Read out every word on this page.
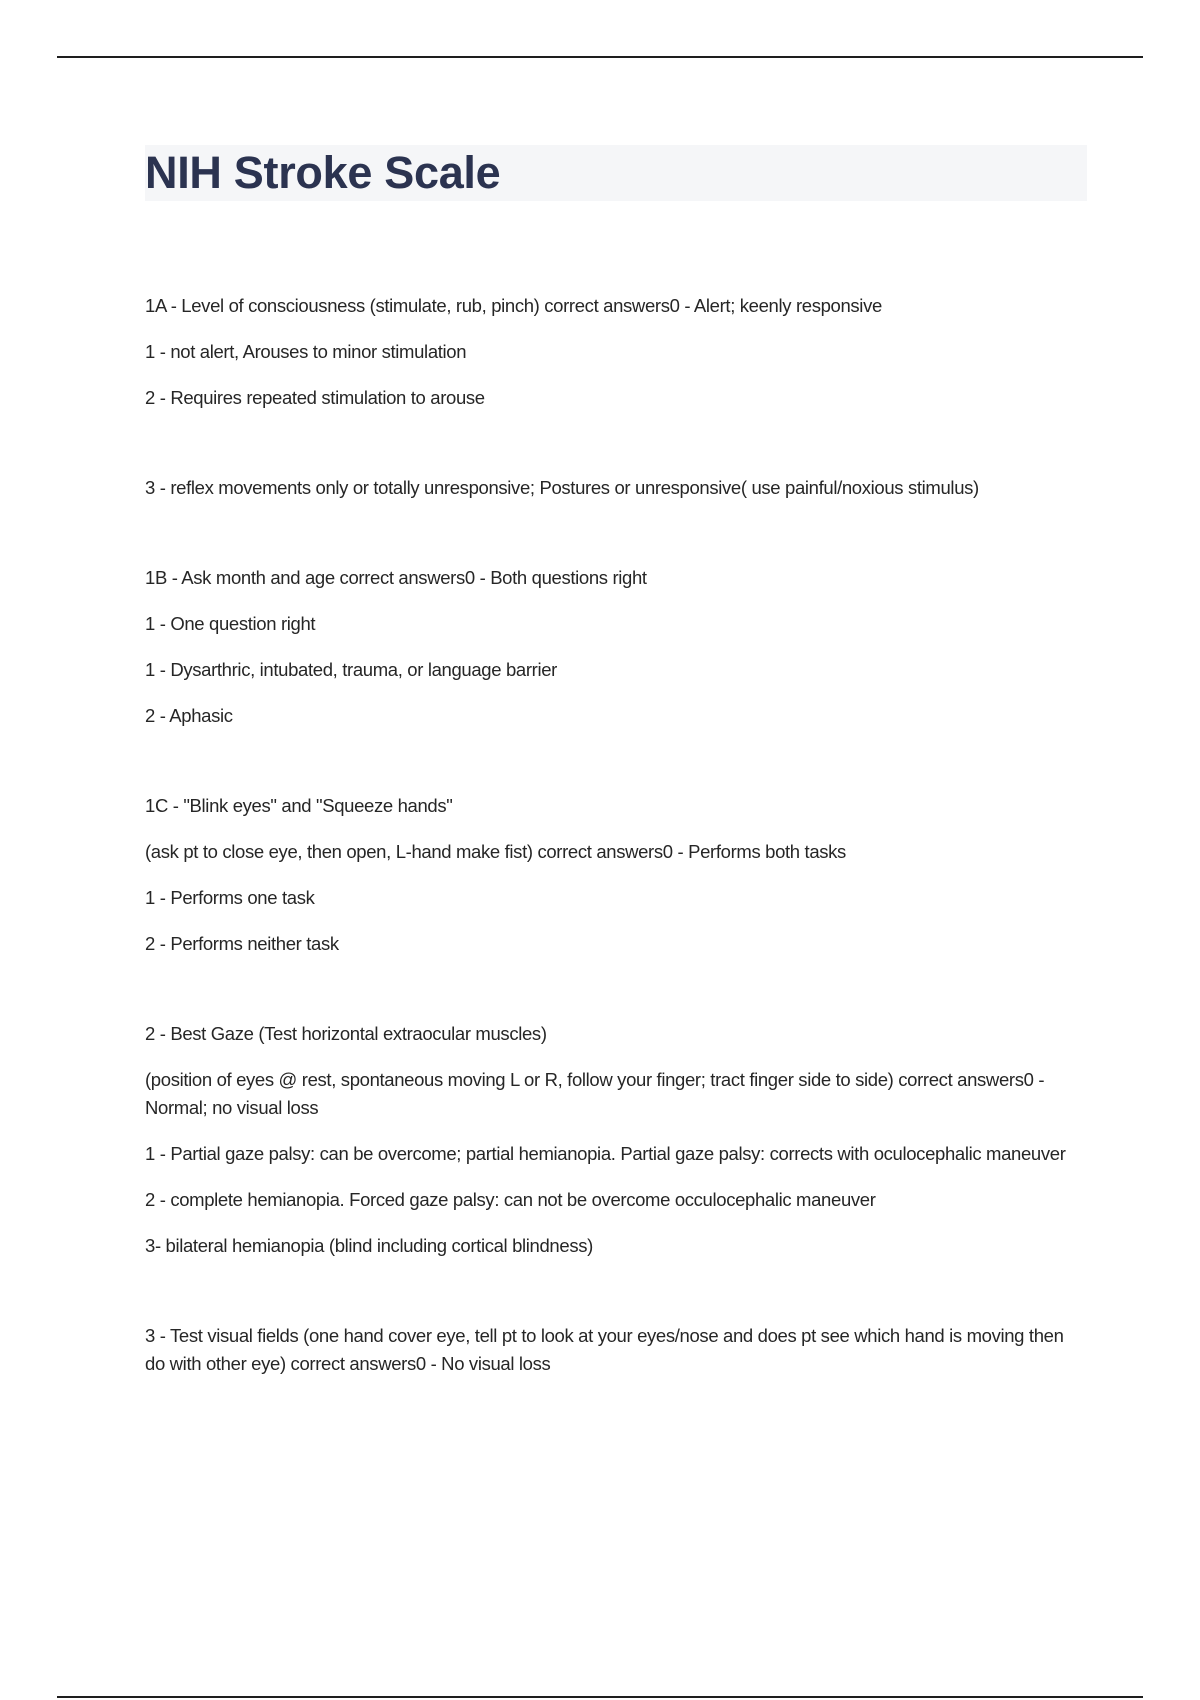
NIH Stroke Scale

1A - Level of consciousness (stimulate, rub, pinch) correct answers0 - Alert; keenly responsive

1 - not alert, Arouses to minor stimulation

2 - Requires repeated stimulation to arouse

3 - reflex movements only or totally unresponsive; Postures or unresponsive( use painful/noxious stimulus)

1B - Ask month and age correct answers0 - Both questions right

1 - One question right

1 - Dysarthric, intubated, trauma, or language barrier

2 - Aphasic

1C - "Blink eyes" and "Squeeze hands"

(ask pt to close eye, then open, L-hand make fist) correct answers0 - Performs both tasks

1 - Performs one task

2 - Performs neither task

2 - Best Gaze (Test horizontal extraocular muscles)

(position of eyes @ rest, spontaneous moving L or R, follow your finger; tract finger side to side) correct answers0 - Normal; no visual loss

1 - Partial gaze palsy: can be overcome; partial hemianopia. Partial gaze palsy: corrects with oculocephalic maneuver

2 - complete hemianopia. Forced gaze palsy: can not be overcome occulocephalic maneuver

3- bilateral hemianopia (blind including cortical blindness)

3 - Test visual fields (one hand cover eye, tell pt to look at your eyes/nose and does pt see which hand is moving then do with other eye) correct answers0 - No visual loss
